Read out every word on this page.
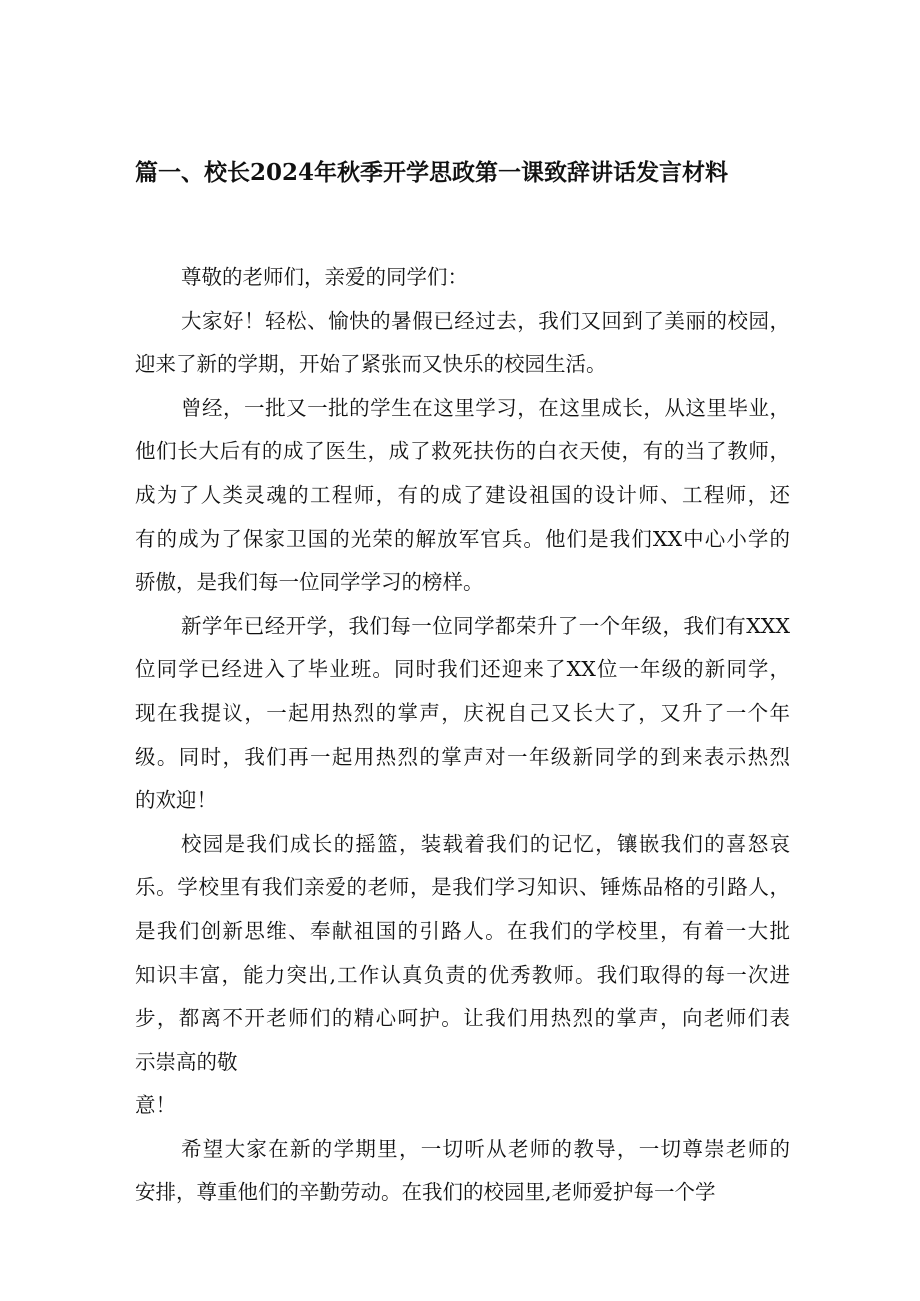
篇一、校长2024年秋季开学思政第一课致辞讲话发言材料

尊敬的老师们，亲爱的同学们：

大家好！轻松、愉快的暑假已经过去，我们又回到了美丽的校园，
迎来了新的学期，开始了紧张而又快乐的校园生活。

曾经，一批又一批的学生在这里学习，在这里成长，从这里毕业，
他们长大后有的成了医生，成了救死扶伤的白衣天使，有的当了教师，
成为了人类灵魂的工程师，有的成了建设祖国的设计师、工程师，还
有的成为了保家卫国的光荣的解放军官兵。他们是我们XX中心小学的
骄傲，是我们每一位同学学习的榜样。

新学年已经开学，我们每一位同学都荣升了一个年级，我们有XXX
位同学已经进入了毕业班。同时我们还迎来了XX位一年级的新同学，
现在我提议，一起用热烈的掌声，庆祝自己又长大了，又升了一个年
级。同时，我们再一起用热烈的掌声对一年级新同学的到来表示热烈
的欢迎！

校园是我们成长的摇篮，装载着我们的记忆，镶嵌我们的喜怒哀
乐。学校里有我们亲爱的老师，是我们学习知识、锤炼品格的引路人，
是我们创新思维、奉献祖国的引路人。在我们的学校里，有着一大批
知识丰富，能力突出,工作认真负责的优秀教师。我们取得的每一次进
步，都离不开老师们的精心呵护。让我们用热烈的掌声，向老师们表
示崇高的敬

意！

希望大家在新的学期里，一切听从老师的教导，一切尊崇老师的
安排，尊重他们的辛勤劳动。在我们的校园里,老师爱护每一个学
